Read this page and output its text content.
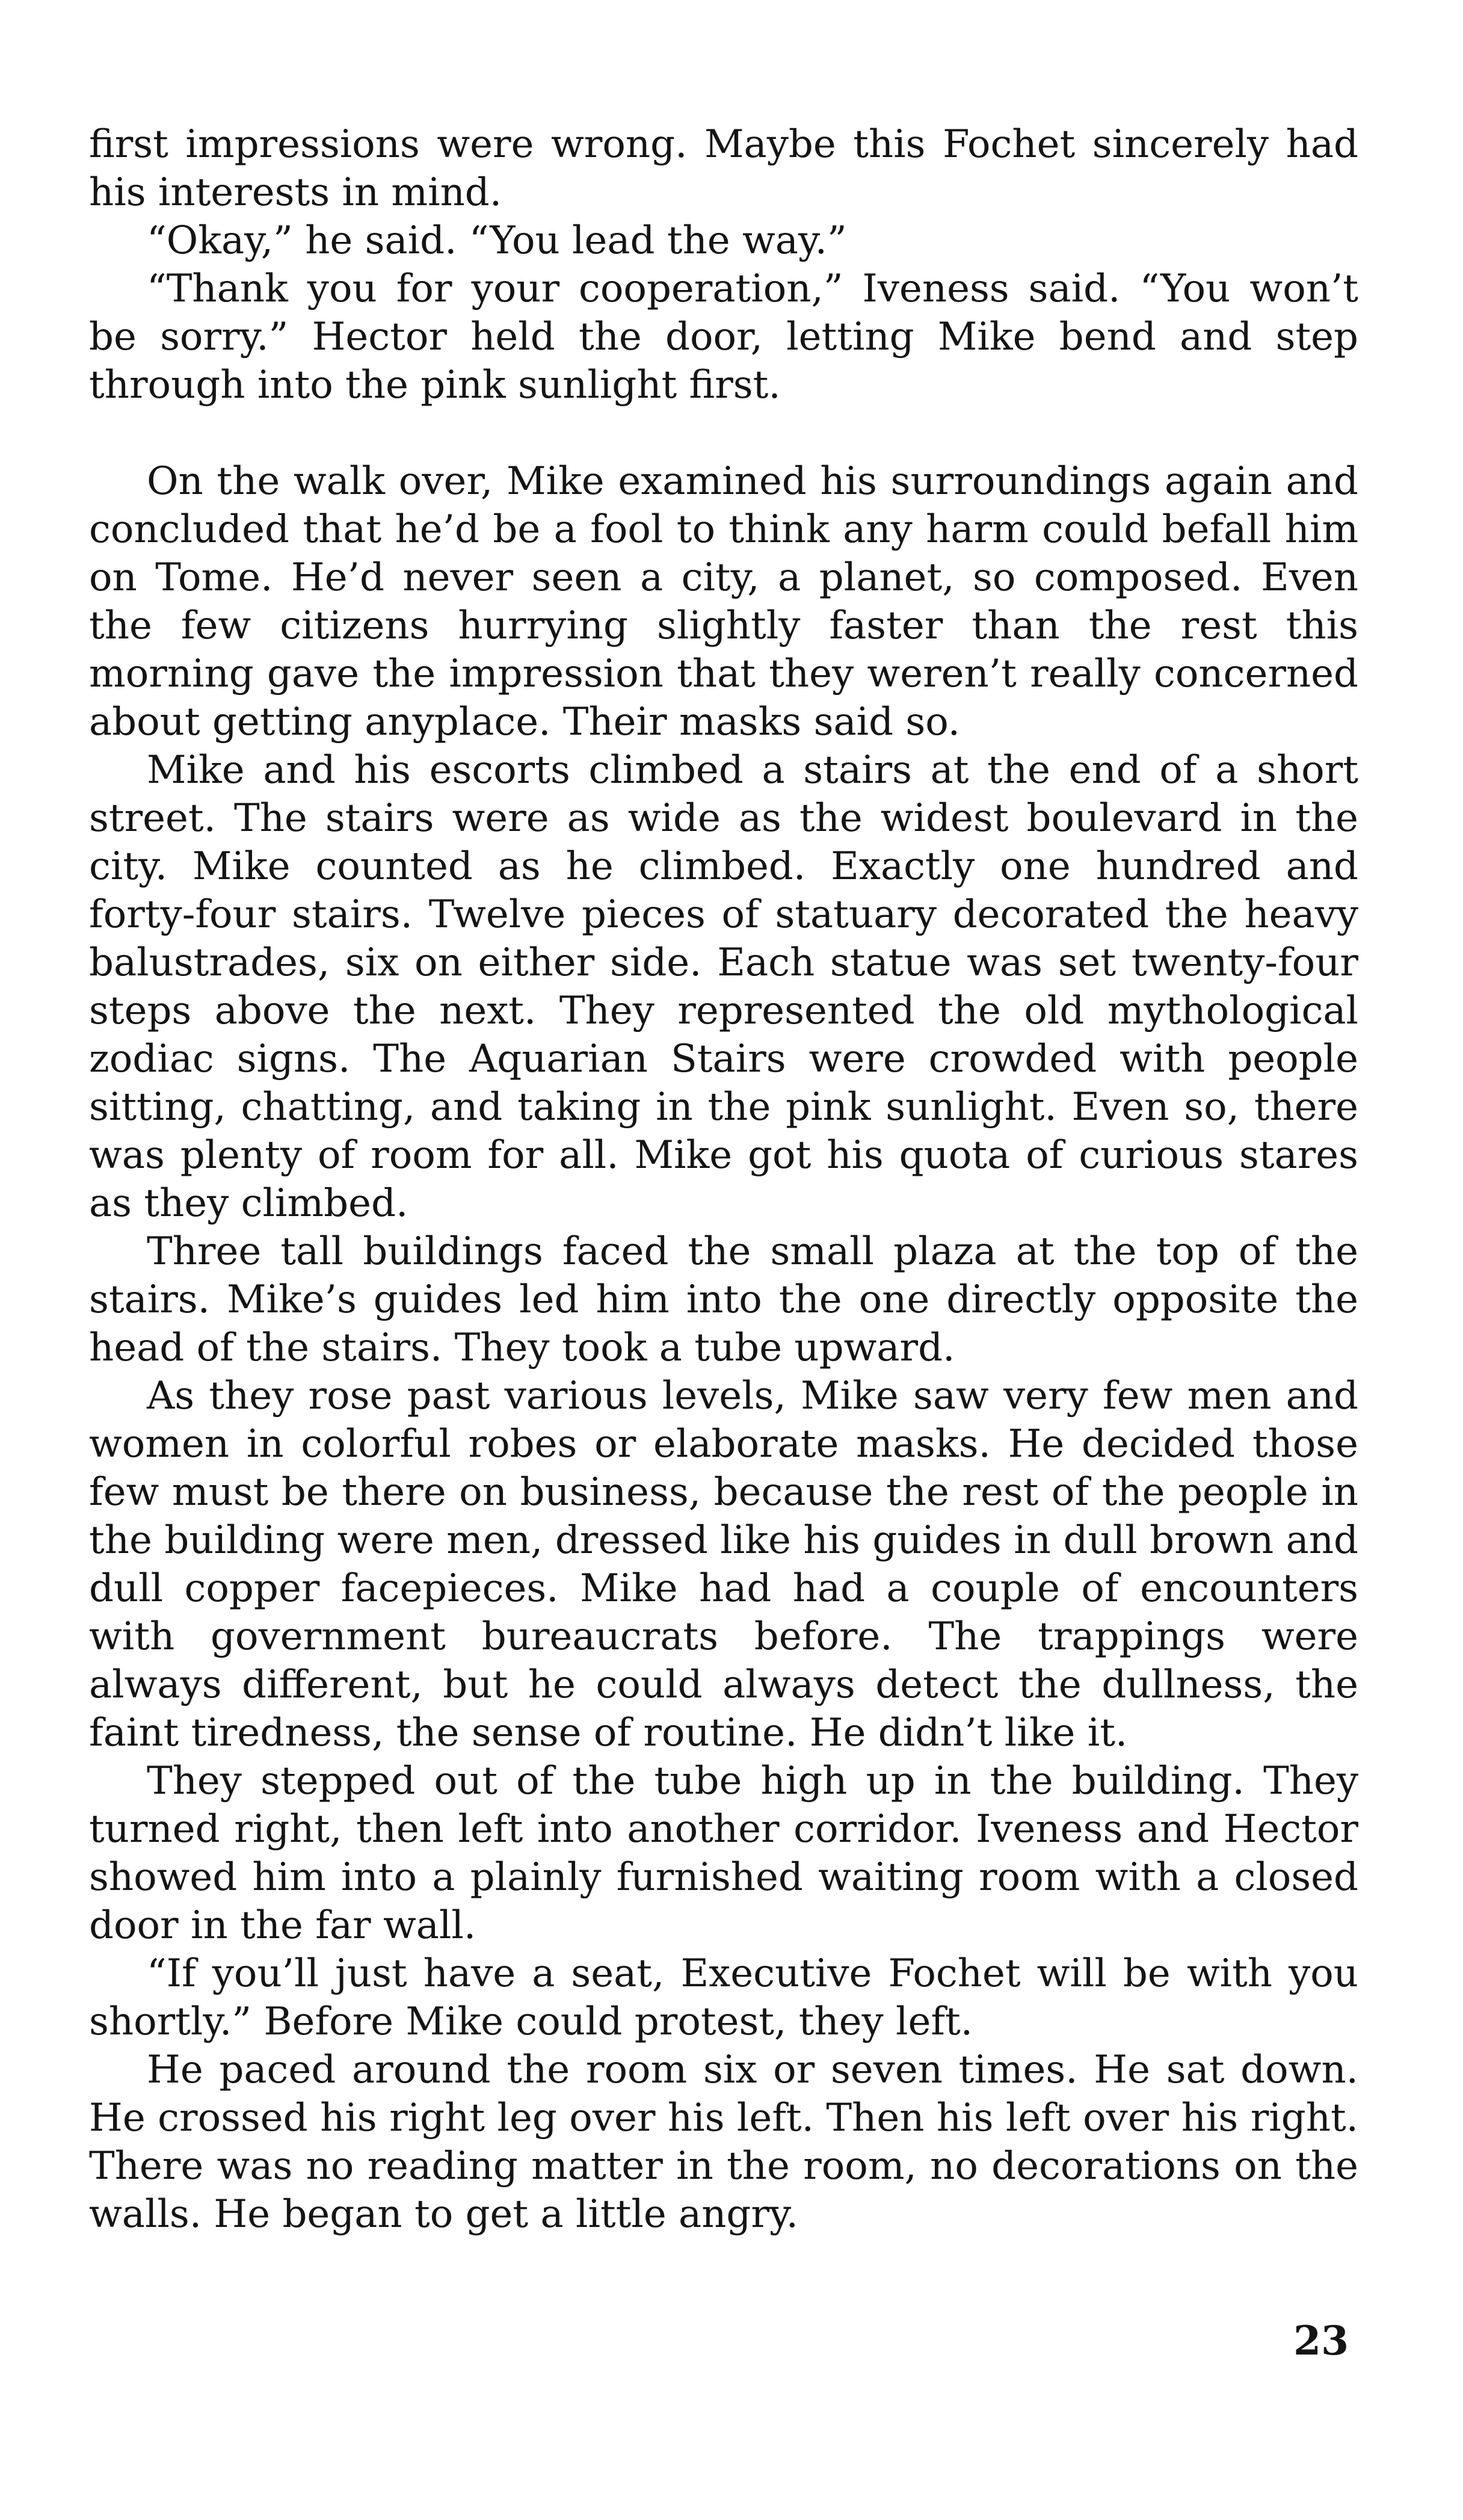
first impressions were wrong. Maybe this Fochet sincerely had his interests in mind.

“Okay,” he said. “You lead the way.”

“Thank you for your cooperation,” Iveness said. “You won’t be sorry.” Hector held the door, letting Mike bend and step through into the pink sunlight first.

On the walk over, Mike examined his surroundings again and concluded that he’d be a fool to think any harm could befall him on Tome. He’d never seen a city, a planet, so composed. Even the few citizens hurrying slightly faster than the rest this morning gave the impression that they weren’t really concerned about getting anyplace. Their masks said so.

Mike and his escorts climbed a stairs at the end of a short street. The stairs were as wide as the widest boulevard in the city. Mike counted as he climbed. Exactly one hundred and forty-four stairs. Twelve pieces of statuary decorated the heavy balustrades, six on either side. Each statue was set twenty-four steps above the next. They represented the old mythological zodiac signs. The Aquarian Stairs were crowded with people sitting, chatting, and taking in the pink sunlight. Even so, there was plenty of room for all. Mike got his quota of curious stares as they climbed.

Three tall buildings faced the small plaza at the top of the stairs. Mike’s guides led him into the one directly opposite the head of the stairs. They took a tube upward.

As they rose past various levels, Mike saw very few men and women in colorful robes or elaborate masks. He decided those few must be there on business, because the rest of the people in the building were men, dressed like his guides in dull brown and dull copper facepieces. Mike had had a couple of encounters with government bureaucrats before. The trappings were always different, but he could always detect the dullness, the faint tiredness, the sense of routine. He didn’t like it.

They stepped out of the tube high up in the building. They turned right, then left into another corridor. Iveness and Hector showed him into a plainly furnished waiting room with a closed door in the far wall.

“If you’ll just have a seat, Executive Fochet will be with you shortly.” Before Mike could protest, they left.

He paced around the room six or seven times. He sat down. He crossed his right leg over his left. Then his left over his right. There was no reading matter in the room, no decorations on the walls. He began to get a little angry.

23
